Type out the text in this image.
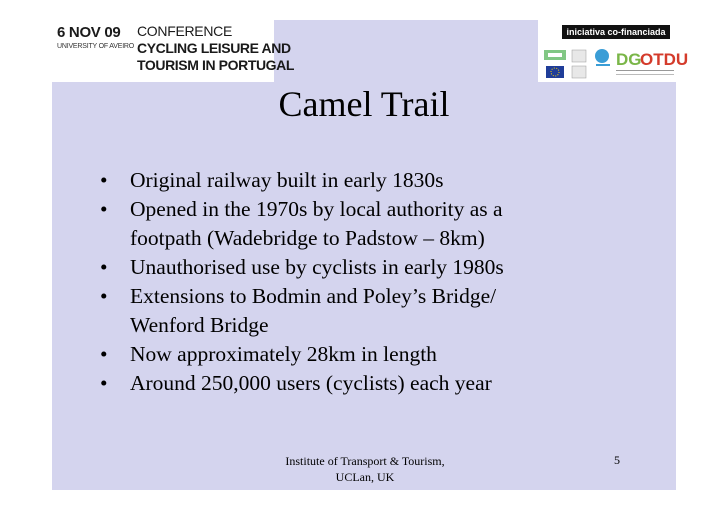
6 NOV 09
UNIVERSITY OF AVEIRO
CONFERENCE
CYCLING LEISURE AND
TOURISM IN PORTUGAL
iniciativa co-financiada por
DG
OTDU
Camel Trail
• Original railway built in early 1830s
• Opened in the 1970s by local authority as a
footpath (Wadebridge to Padstow – 8km)
• Unauthorised use by cyclists in early 1980s
• Extensions to Bodmin and Poley’s Bridge/
Wenford Bridge
• Now approximately 28km in length
• Around 250,000 users (cyclists) each year
Institute of Transport & Tourism,
UCLan, UK
5
